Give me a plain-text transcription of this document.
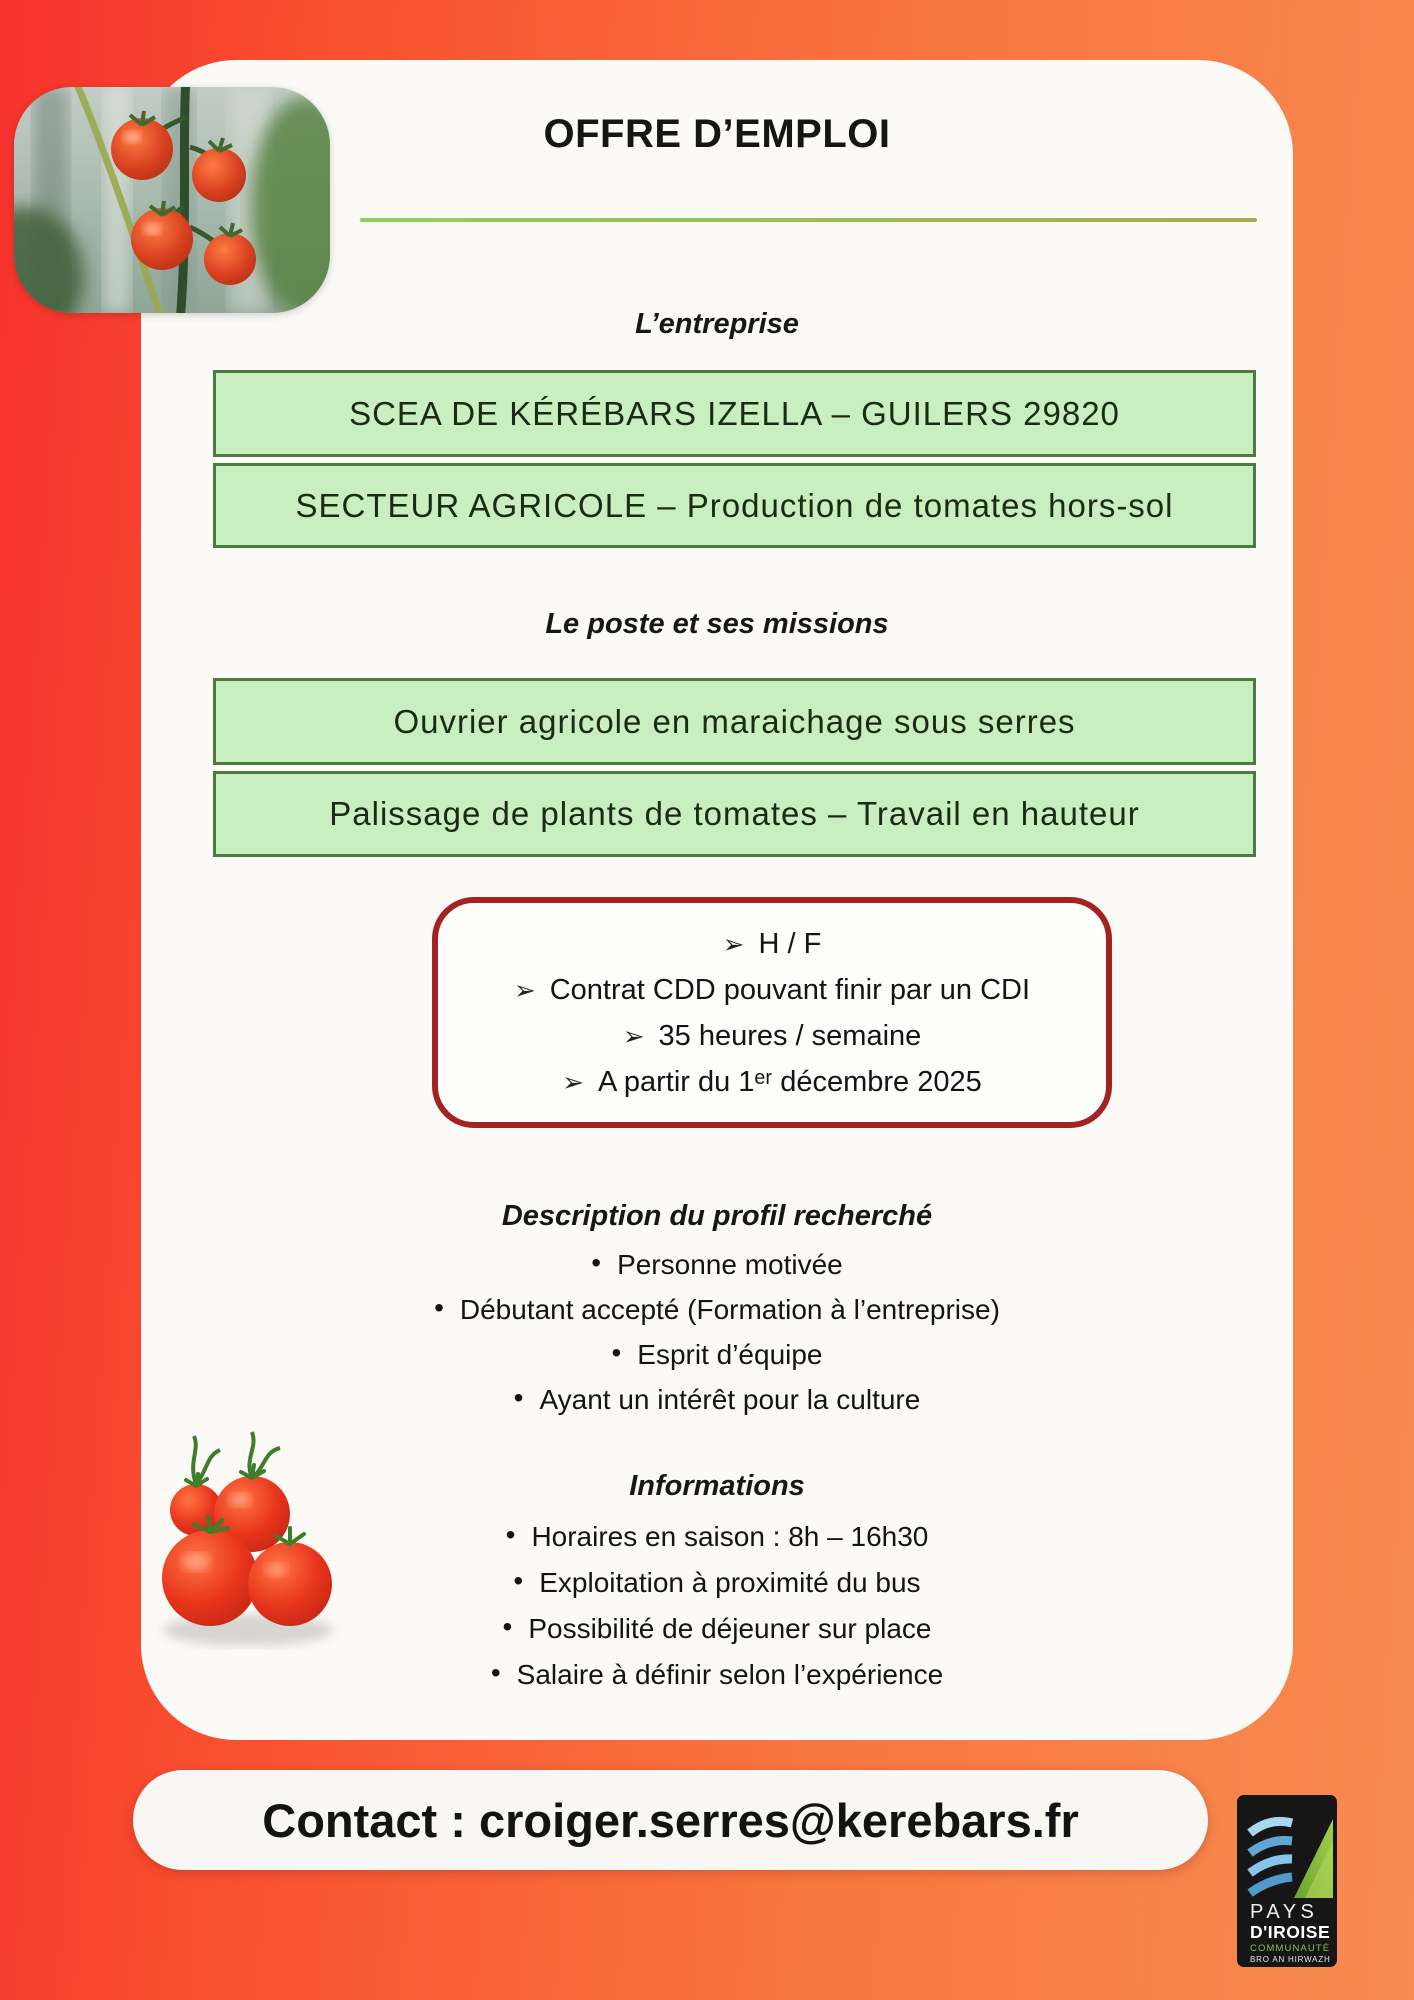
OFFRE D’EMPLOI
L’entreprise
SCEA DE KÉRÉBARS IZELLA – GUILERS 29820
SECTEUR AGRICOLE – Production de tomates hors-sol
Le poste et ses missions
Ouvrier agricole en maraichage sous serres
Palissage de plants de tomates – Travail en hauteur
➢ H / F
➢ Contrat CDD pouvant finir par un CDI
➢ 35 heures / semaine
➢ A partir du 1ᵉʳ décembre 2025
Description du profil recherché
• Personne motivée
• Débutant accepté (Formation à l’entreprise)
• Esprit d’équipe
• Ayant un intérêt pour la culture
Informations
• Horaires en saison : 8h – 16h30
• Exploitation à proximité du bus
• Possibilité de déjeuner sur place
• Salaire à définir selon l’expérience
Contact : croiger.serres@kerebars.fr
PAYS
D'IROISE
COMMUNAUTÉ
BRO AN HIRWAZH
